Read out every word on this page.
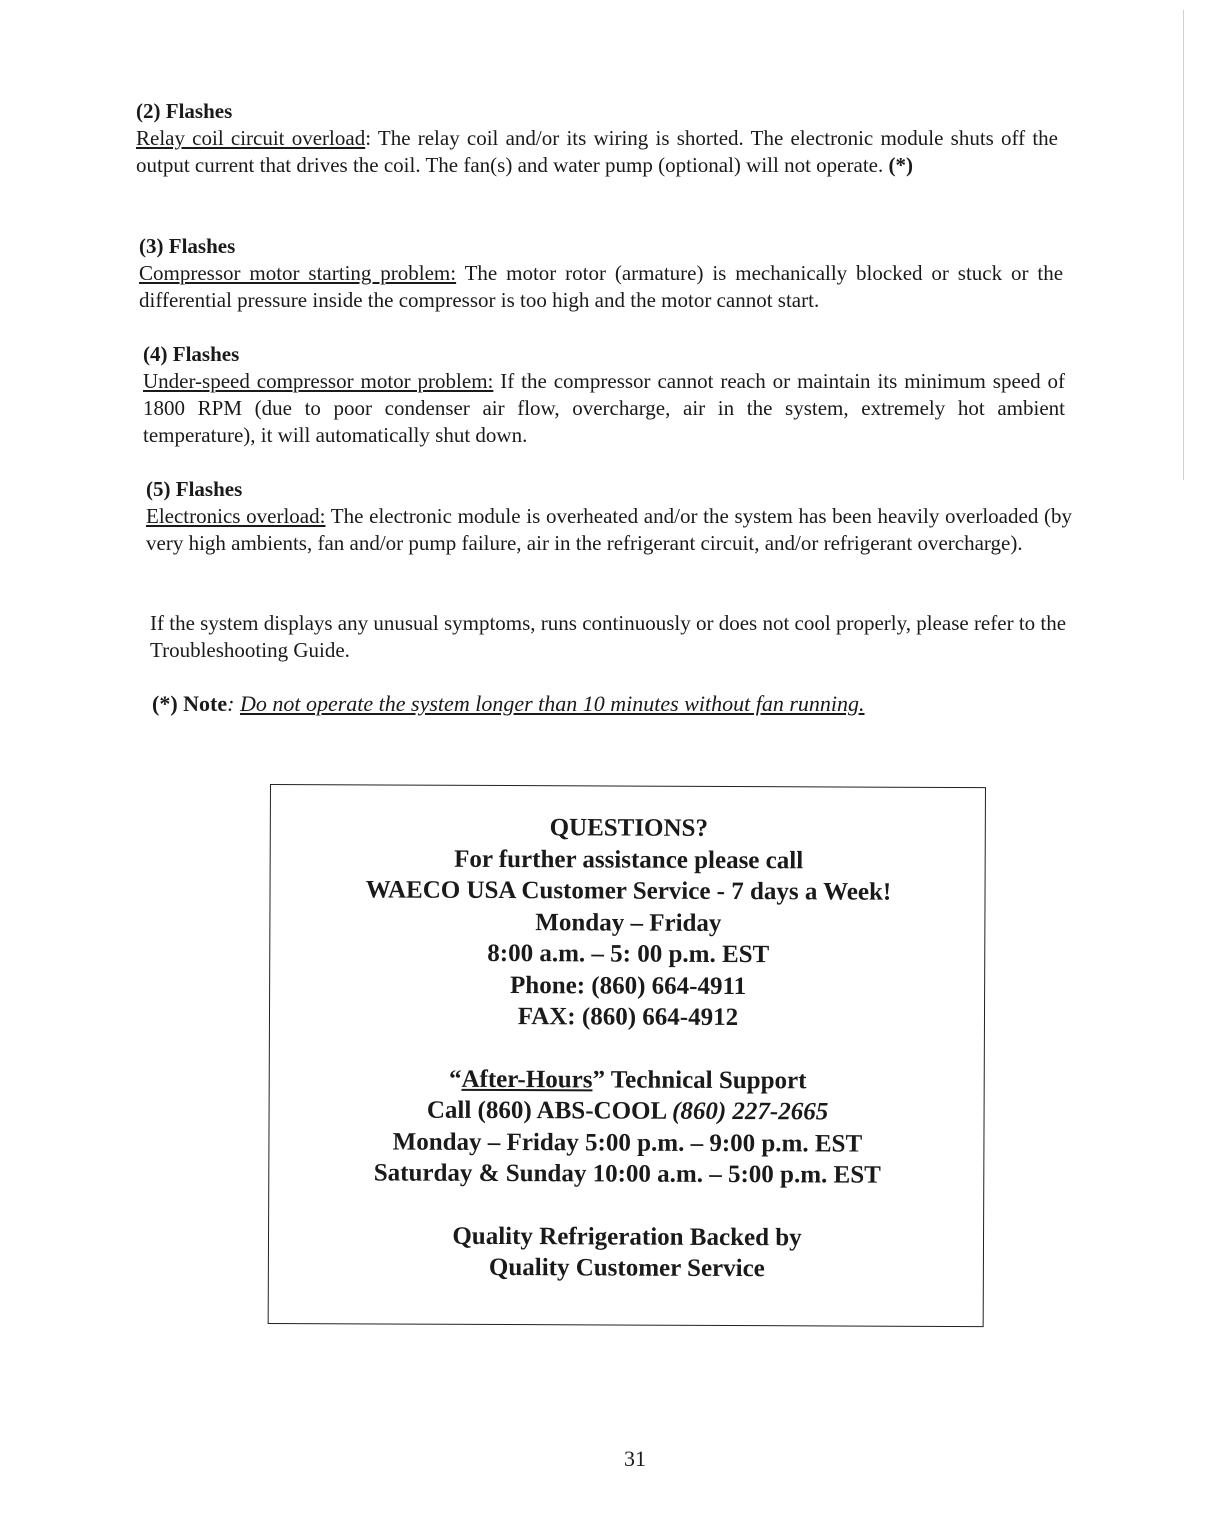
(2) Flashes
Relay coil circuit overload: The relay coil and/or its wiring is shorted. The electronic module shuts off the output current that drives the coil. The fan(s) and water pump (optional) will not operate. (*)
(3) Flashes
Compressor motor starting problem: The motor rotor (armature) is mechanically blocked or stuck or the differential pressure inside the compressor is too high and the motor cannot start.
(4) Flashes
Under-speed compressor motor problem: If the compressor cannot reach or maintain its minimum speed of 1800 RPM (due to poor condenser air flow, overcharge, air in the system, extremely hot ambient temperature), it will automatically shut down.
(5) Flashes
Electronics overload: The electronic module is overheated and/or the system has been heavily overloaded (by very high ambients, fan and/or pump failure, air in the refrigerant circuit, and/or refrigerant overcharge).
If the system displays any unusual symptoms, runs continuously or does not cool properly, please refer to the Troubleshooting Guide.
(*) Note: Do not operate the system longer than 10 minutes without fan running.
QUESTIONS?
For further assistance please call
WAECO USA Customer Service - 7 days a Week!
Monday – Friday
8:00 a.m. – 5: 00 p.m. EST
Phone: (860) 664-4911
FAX: (860) 664-4912
“After-Hours” Technical Support
Call (860) ABS-COOL (860) 227-2665
Monday – Friday 5:00 p.m. – 9:00 p.m. EST
Saturday & Sunday 10:00 a.m. – 5:00 p.m. EST
Quality Refrigeration Backed by
Quality Customer Service
31
